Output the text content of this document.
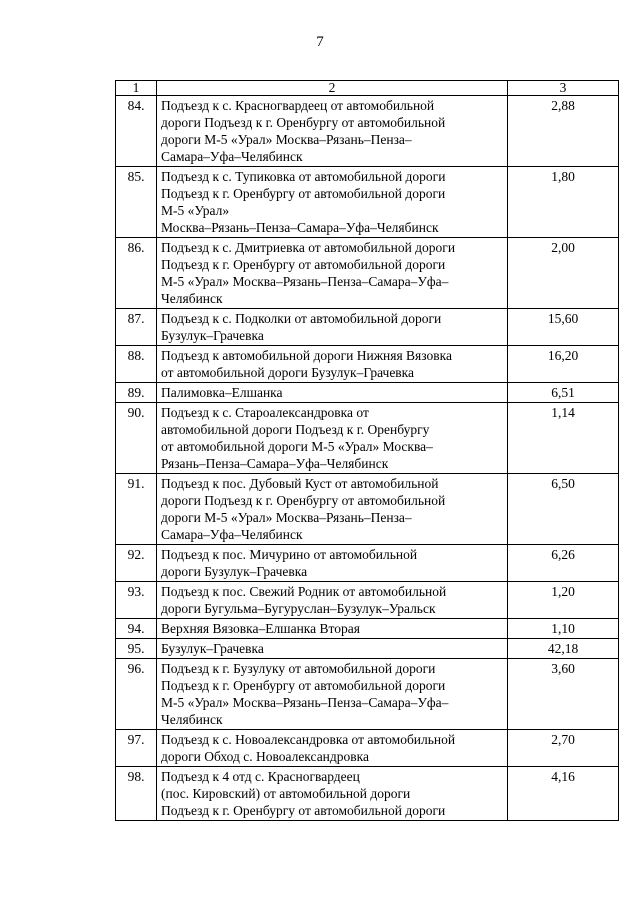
7
1	2	3
84.	Подъезд к с. Красногвардеец от автомобильной
дороги Подъезд к г. Оренбургу от автомобильной
дороги М-5 «Урал» Москва–Рязань–Пенза–
Самара–Уфа–Челябинск	2,88
85.	Подъезд к с. Тупиковка от автомобильной дороги
Подъезд к г. Оренбургу от автомобильной дороги
М-5 «Урал»
Москва–Рязань–Пенза–Самара–Уфа–Челябинск	1,80
86.	Подъезд к с. Дмитриевка от автомобильной дороги
Подъезд к г. Оренбургу от автомобильной дороги
М-5 «Урал» Москва–Рязань–Пенза–Самара–Уфа–
Челябинск	2,00
87.	Подъезд к с. Подколки от автомобильной дороги
Бузулук–Грачевка	15,60
88.	Подъезд к автомобильной дороги Нижняя Вязовка
от автомобильной дороги Бузулук–Грачевка	16,20
89.	Палимовка–Елшанка	6,51
90.	Подъезд к с. Староалександровка от
автомобильной дороги Подъезд к г. Оренбургу
от автомобильной дороги М-5 «Урал» Москва–
Рязань–Пенза–Самара–Уфа–Челябинск	1,14
91.	Подъезд к пос. Дубовый Куст от автомобильной
дороги Подъезд к г. Оренбургу от автомобильной
дороги М-5 «Урал» Москва–Рязань–Пенза–
Самара–Уфа–Челябинск	6,50
92.	Подъезд к пос. Мичурино от автомобильной
дороги Бузулук–Грачевка	6,26
93.	Подъезд к пос. Свежий Родник от автомобильной
дороги Бугульма–Бугуруслан–Бузулук–Уральск	1,20
94.	Верхняя Вязовка–Елшанка Вторая	1,10
95.	Бузулук–Грачевка	42,18
96.	Подъезд к г. Бузулуку от автомобильной дороги
Подъезд к г. Оренбургу от автомобильной дороги
М-5 «Урал» Москва–Рязань–Пенза–Самара–Уфа–
Челябинск	3,60
97.	Подъезд к с. Новоалександровка от автомобильной
дороги Обход с. Новоалександровка	2,70
98.	Подъезд к 4 отд с. Красногвардеец
(пос. Кировский) от автомобильной дороги
Подъезд к г. Оренбургу от автомобильной дороги	4,16
